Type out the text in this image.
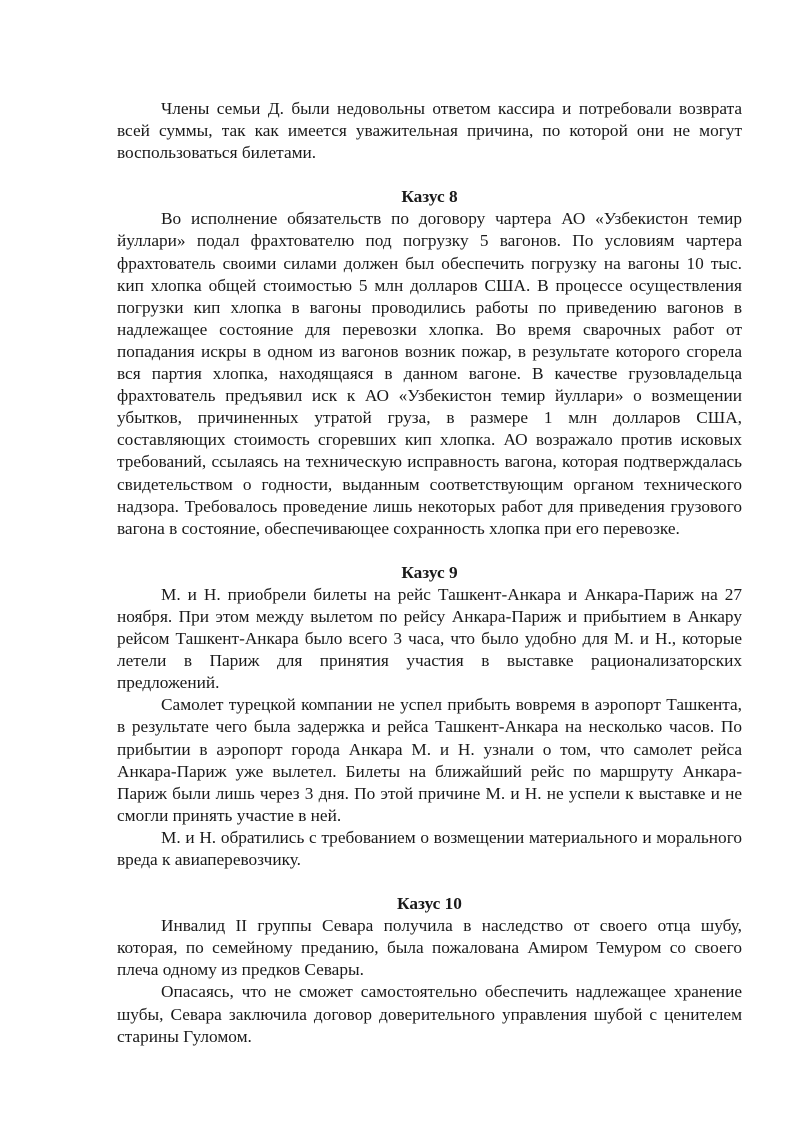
Члены семьи Д. были недовольны ответом кассира и потребовали возврата всей суммы, так как имеется уважительная причина, по которой они не могут воспользоваться билетами.

Казус 8

Во исполнение обязательств по договору чартера АО «Узбекистон темир йуллари» подал фрахтователю под погрузку 5 вагонов. По условиям чартера фрахтователь своими силами должен был обеспечить погрузку на вагоны 10 тыс. кип хлопка общей стоимостью 5 млн долларов США. В процессе осуществления погрузки кип хлопка в вагоны проводились работы по приведению вагонов в надлежащее состояние для перевозки хлопка. Во время сварочных работ от попадания искры в одном из вагонов возник пожар, в результате которого сгорела вся партия хлопка, находящаяся в данном вагоне. В качестве грузовладельца фрахтователь предъявил иск к АО «Узбекистон темир йуллари» о возмещении убытков, причиненных утратой груза, в размере 1 млн долларов США, составляющих стоимость сгоревших кип хлопка. АО возражало против исковых требований, ссылаясь на техническую исправность вагона, которая подтверждалась свидетельством о годности, выданным соответствующим органом технического надзора. Требовалось проведение лишь некоторых работ для приведения грузового вагона в состояние, обеспечивающее сохранность хлопка при его перевозке.

Казус 9

М. и Н. приобрели билеты на рейс Ташкент-Анкара и Анкара-Париж на 27 ноября. При этом между вылетом по рейсу Анкара-Париж и прибытием в Анкару рейсом Ташкент-Анкара было всего 3 часа, что было удобно для М. и Н., которые летели в Париж для принятия участия в выставке рационализаторских предложений.

Самолет турецкой компании не успел прибыть вовремя в аэропорт Ташкента, в результате чего была задержка и рейса Ташкент-Анкара на несколько часов. По прибытии в аэропорт города Анкара М. и Н. узнали о том, что самолет рейса Анкара-Париж уже вылетел. Билеты на ближайший рейс по маршруту Анкара-Париж были лишь через 3 дня. По этой причине М. и Н. не успели к выставке и не смогли принять участие в ней.

М. и Н. обратились с требованием о возмещении материального и морального вреда к авиаперевозчику.

Казус 10

Инвалид II группы Севара получила в наследство от своего отца шубу, которая, по семейному преданию, была пожалована Амиром Темуром со своего плеча одному из предков Севары.

Опасаясь, что не сможет самостоятельно обеспечить надлежащее хранение шубы, Севара заключила договор доверительного управления шубой с ценителем старины Гуломом.
